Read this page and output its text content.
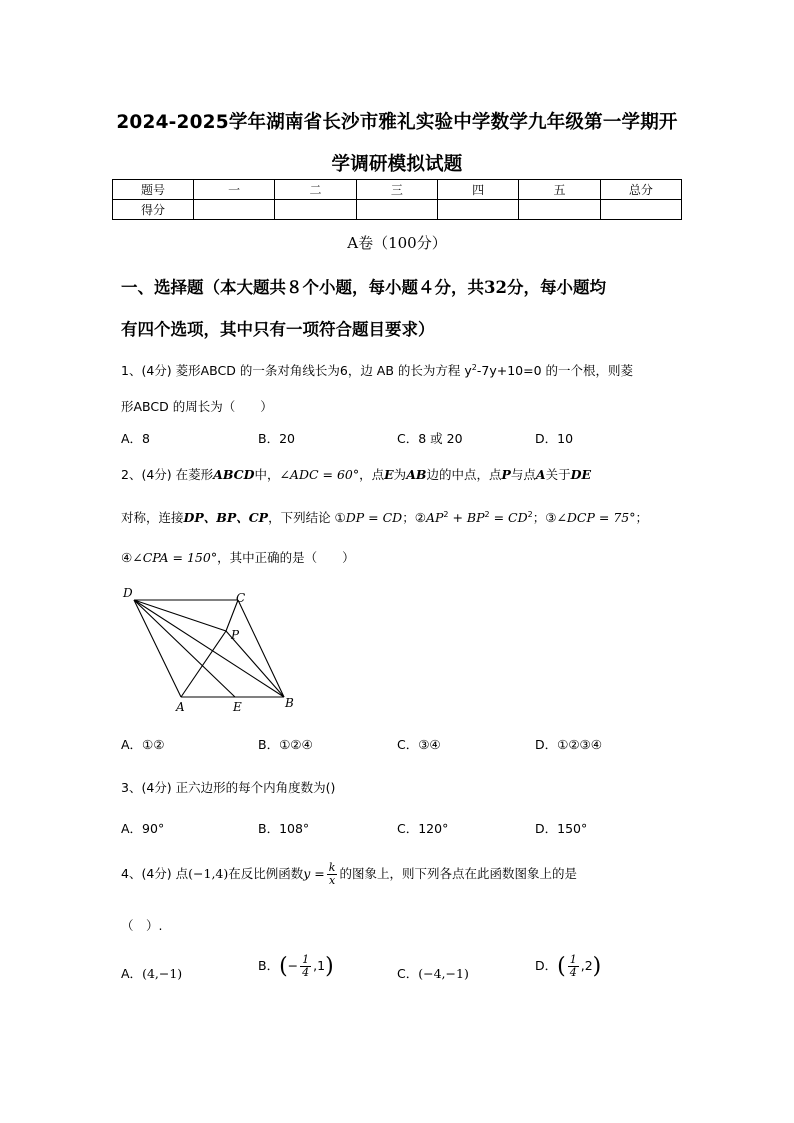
2024-2025学年湖南省长沙市雅礼实验中学数学九年级第一学期开
学调研模拟试题
题号	一	二	三	四	五	总分
得分						
A卷（100分）
一、选择题（本大题共８个小题，每小题４分，共32分，每小题均
有四个选项，其中只有一项符合题目要求）
1、(4分) 菱形ABCD 的一条对角线长为6，边 AB 的长为方程 $y^2-7y+10=0$ 的一个根，则菱
形ABCD 的周长为（　　）
A．8	B．20	C．8 或 20	D．10
2、(4分) 在菱形ABCD中，∠ADC = 60°，点E为AB边的中点，点P与点A关于DE
对称，连接DP、BP、CP，下列结论 ①DP = CD；$②AP^2 + BP^2 = CD^2$；③∠DCP = 75°；
④∠CPA = 150°，其中正确的是（　　）
D	C
P
A	E	B
A．①②	B．①②④	C．③④	D．①②③④
3、(4分) 正六边形的每个内角度数为()
A．90°	B．108°	C．120°	D．150°
4、(4分) 点(−1,4)在反比例函数$y = \frac{k}{x}$ 的图象上，则下列各点在此函数图象上的是
（　）.
A．(4,−1)
B．(− $\frac{1}{4} ,1$)	C．(−4,−1)
D．( $\frac{1}{4} ,2$)
